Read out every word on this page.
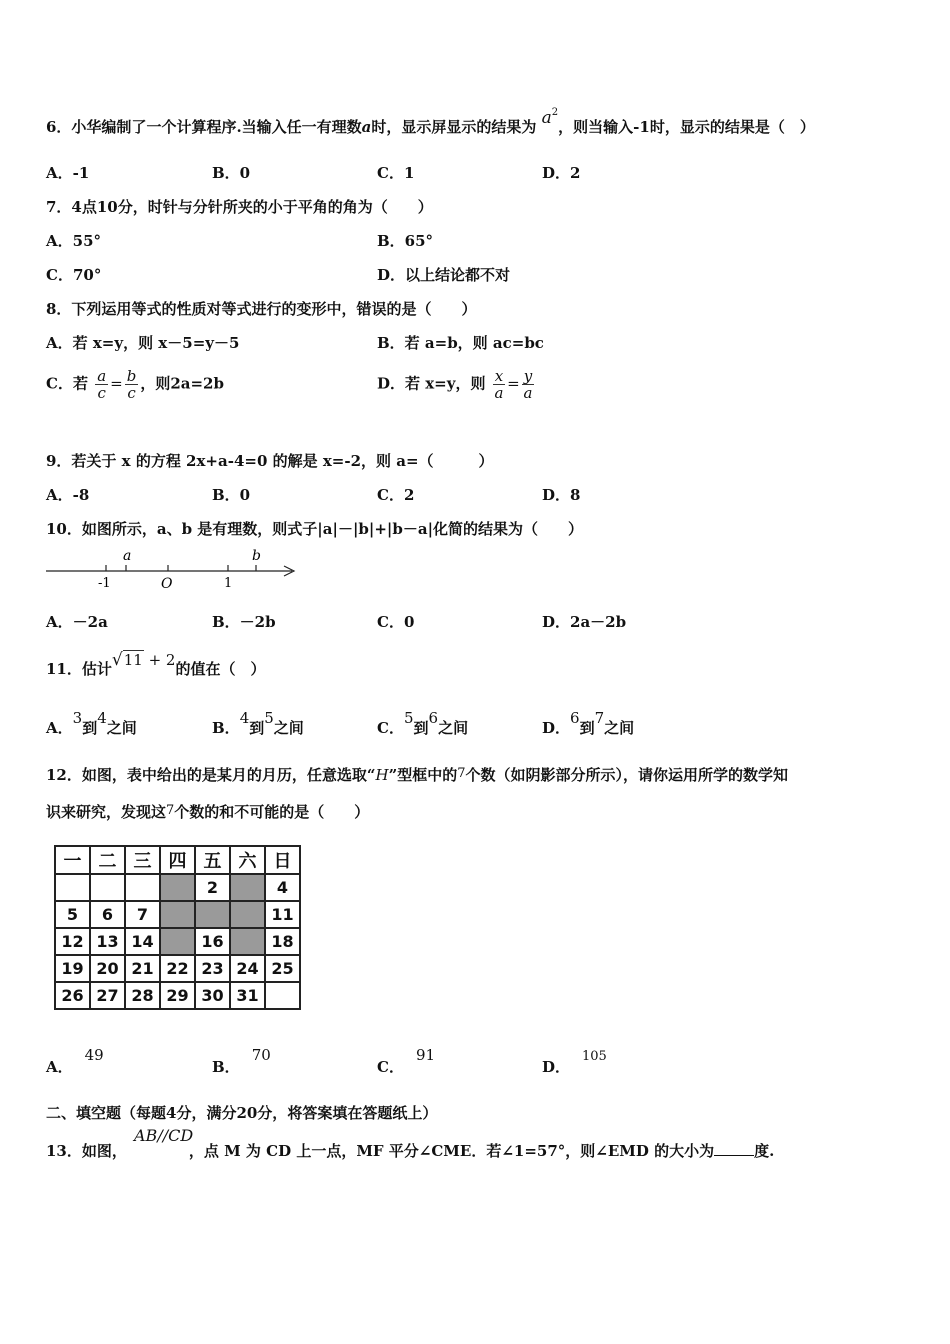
6．小华编制了一个计算程序.当输入任一有理数a时，显示屏显示的结果为 $a^2$，则当输入-1时，显示的结果是（　）
A．-1	B．0	C．1	D．2
7．4点10分，时针与分针所夹的小于平角的角为（　　）
A．55°	B．65°
C．70°	D．以上结论都不对
8．下列运用等式的性质对等式进行的变形中，错误的是（　　）
A．若 x=y，则 x－5=y－5	B．若 a=b，则 ac=bc
C．若 $\frac{a}{c} = \frac{b}{c}$ ，则2a=2b	D．若 x=y，则 $\frac{x}{a} = \frac{y}{a}$
9．若关于 x 的方程 2x+a-4=0 的解是 x=-2，则 a=（　　　）
A．-8	B．0	C．2	D．8
10．如图所示，a、b 是有理数，则式子|a|－|b|+|b－a|化简的结果为（　　）
a	b
-1	O	1
A．－2a	B．－2b	C．0	D．2a－2b
11．估计√11 + 2的值在（　）
A．3到4之间	B．4到5之间	C．5到6之间	D．6到7之间
12．如图，表中给出的是某月的月历，任意选取“H”型框中的7个数（如阴影部分所示），请你运用所学的数学知
识来研究，发现这7个数的和不可能的是（　　）
一	二	三	四	五	六	日
				2		4
5	6	7				11
12	13	14		16		18
19	20	21	22	23	24	25
26	27	28	29	30	31	
A．49
B．70
C．91
D．105
二、填空题（每题4分，满分20分，将答案填在答题纸上）
13．如图，
AB//CD
，点 M 为 CD 上一点，MF 平分∠CME．若∠1=57°，则∠EMD 的大小为	度.
